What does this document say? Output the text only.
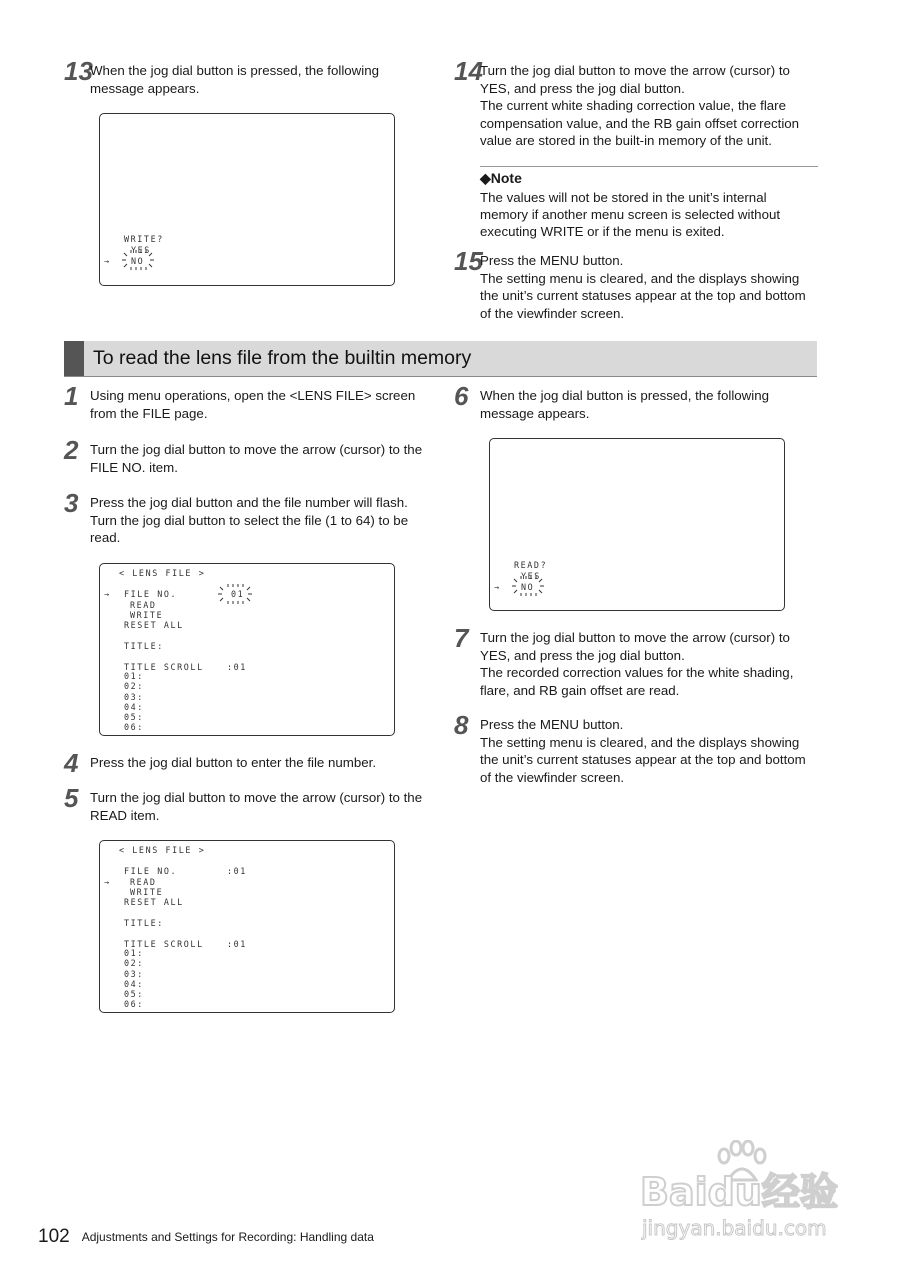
13
When the jog dial button is pressed, the following
message appears.
WRITE?
YES
→ NO
14
Turn the jog dial button to move the arrow (cursor) to
YES, and press the jog dial button.
The current white shading correction value, the flare
compensation value, and the RB gain offset correction
value are stored in the built-in memory of the unit.
◆Note
The values will not be stored in the unit’s internal
memory if another menu screen is selected without
executing WRITE or if the menu is exited.
15
Press the MENU button.
The setting menu is cleared, and the displays showing
the unit’s current statuses appear at the top and bottom
of the viewfinder screen.
To read the lens file from the builtin memory
1 Using menu operations, open the <LENS FILE> screen
from the FILE page.
2 Turn the jog dial button to move the arrow (cursor) to the
FILE NO. item.
3 Press the jog dial button and the file number will flash.
Turn the jog dial button to select the file (1 to 64) to be
read.
< LENS FILE >
→ FILE NO.	01
READ
WRITE
RESET ALL
TITLE:
TITLE SCROLL	:01
01:
02:
03:
04:
05:
06:
4 Press the jog dial button to enter the file number.
5 Turn the jog dial button to move the arrow (cursor) to the
READ item.
< LENS FILE >
FILE NO.	:01
→ READ
WRITE
RESET ALL
TITLE:
TITLE SCROLL	:01
01:
02:
03:
04:
05:
06:
6 When the jog dial button is pressed, the following
message appears.
READ?
YES
→ NO
7 Turn the jog dial button to move the arrow (cursor) to
YES, and press the jog dial button.
The recorded correction values for the white shading,
flare, and RB gain offset are read.
8 Press the MENU button.
The setting menu is cleared, and the displays showing
the unit’s current statuses appear at the top and bottom
of the viewfinder screen.
Baidu经验
jingyan.baidu.com
102 Adjustments and Settings for Recording: Handling data
